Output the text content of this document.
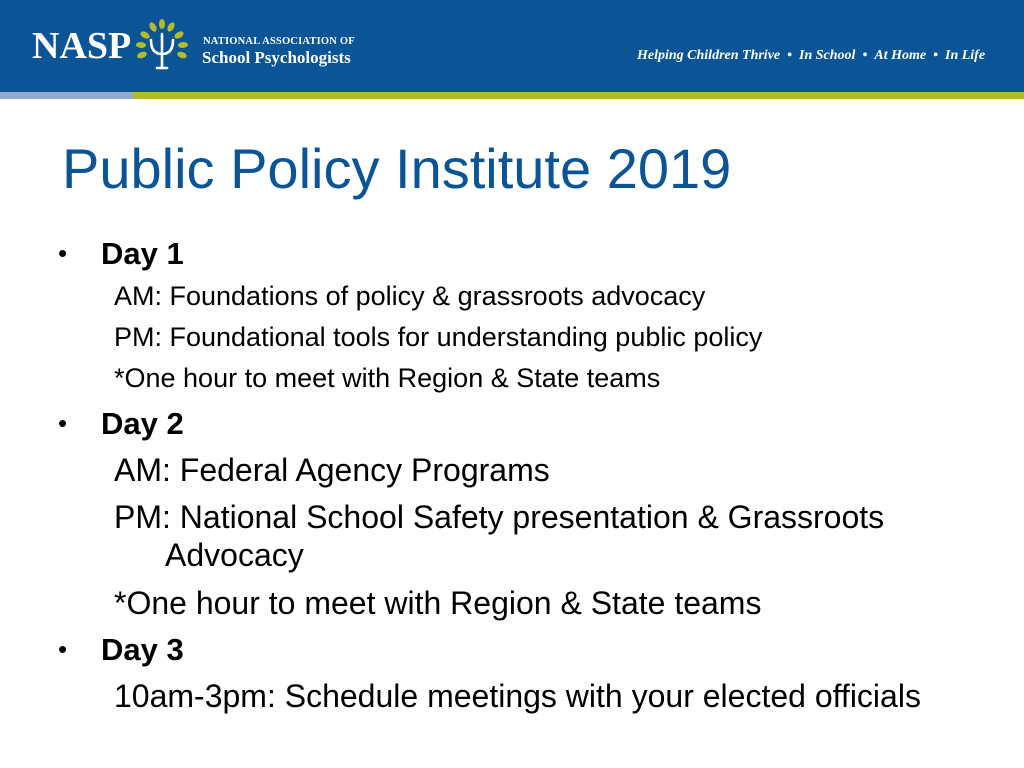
NASP	NATIONAL ASSOCIATION OF
School Psychologists	Helping Children Thrive • In School • At Home • In Life
Public Policy Institute 2019
• Day 1
AM: Foundations of policy & grassroots advocacy
PM: Foundational tools for understanding public policy
*One hour to meet with Region & State teams
• Day 2
AM: Federal Agency Programs
PM: National School Safety presentation & Grassroots
Advocacy
*One hour to meet with Region & State teams
• Day 3
10am-3pm: Schedule meetings with your elected officials
